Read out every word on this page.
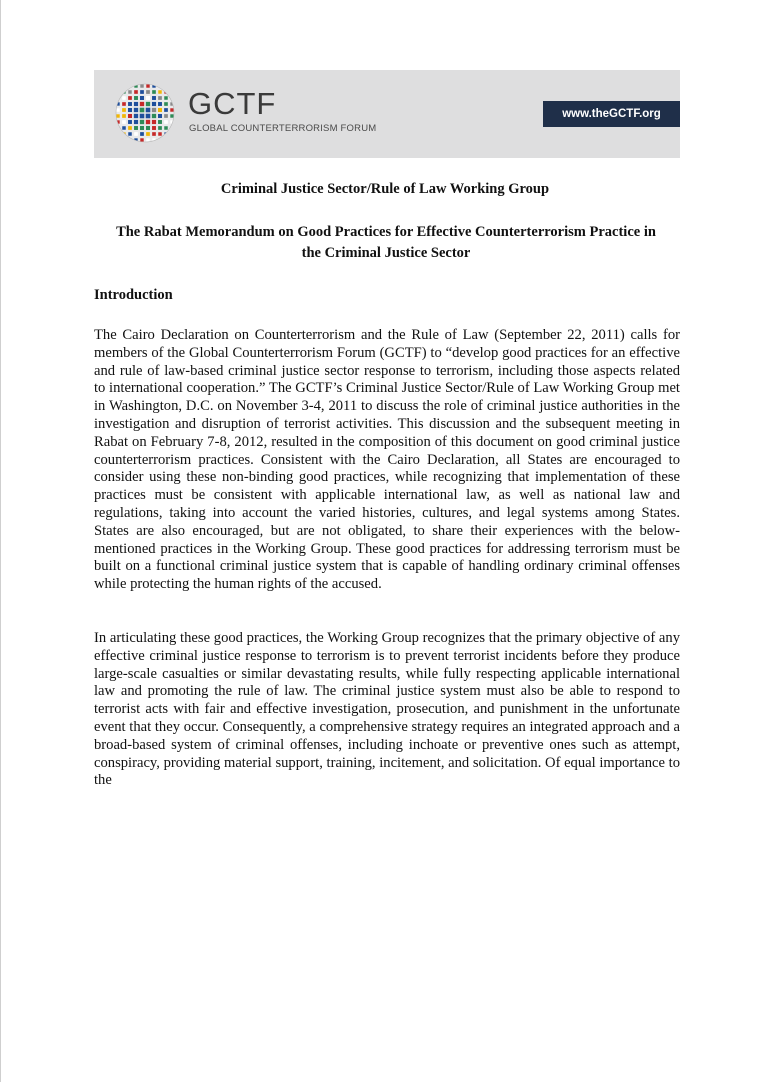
GCTF
GLOBAL COUNTERTERRORISM FORUM
www.theGCTF.org
Criminal Justice Sector/Rule of Law Working Group
The Rabat Memorandum on Good Practices for Effective Counterterrorism Practice in the Criminal Justice Sector
Introduction

The Cairo Declaration on Counterterrorism and the Rule of Law (September 22, 2011) calls for members of the Global Counterterrorism Forum (GCTF) to “develop good practices for an effective and rule of law-based criminal justice sector response to terrorism, including those aspects related to international cooperation.” The GCTF’s Criminal Justice Sector/Rule of Law Working Group met in Washington, D.C. on November 3-4, 2011 to discuss the role of criminal justice authorities in the investigation and disruption of terrorist activities. This discussion and the subsequent meeting in Rabat on February 7-8, 2012, resulted in the composition of this document on good criminal justice counterterrorism practices. Consistent with the Cairo Declaration, all States are encouraged to consider using these non-binding good practices, while recognizing that implementation of these practices must be consistent with applicable international law, as well as national law and regulations, taking into account the varied histories, cultures, and legal systems among States. States are also encouraged, but are not obligated, to share their experiences with the below-mentioned practices in the Working Group. These good practices for addressing terrorism must be built on a functional criminal justice system that is capable of handling ordinary criminal offenses while protecting the human rights of the accused.

In articulating these good practices, the Working Group recognizes that the primary objective of any effective criminal justice response to terrorism is to prevent terrorist incidents before they produce large-scale casualties or similar devastating results, while fully respecting applicable international law and promoting the rule of law. The criminal justice system must also be able to respond to terrorist acts with fair and effective investigation, prosecution, and punishment in the unfortunate event that they occur. Consequently, a comprehensive strategy requires an integrated approach and a broad-based system of criminal offenses, including inchoate or preventive ones such as attempt, conspiracy, providing material support, training, incitement, and solicitation. Of equal importance to the
